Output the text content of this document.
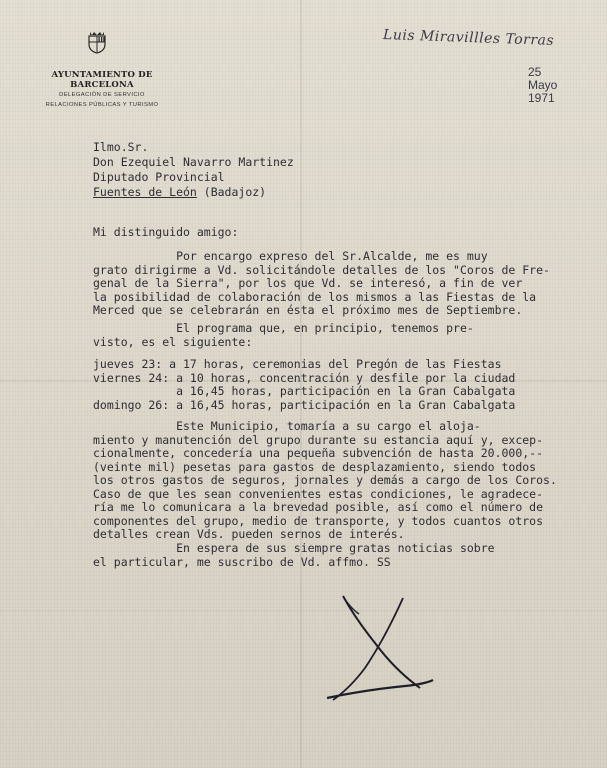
AYUNTAMIENTO DE BARCELONA
DELEGACIÓN DE SERVICIO
RELACIONES PÚBLICAS Y TURISMO
Luis Miravillles Torras
25
Mayo
1971
Ilmo.Sr.
Don Ezequiel Navarro Martinez
Diputado Provincial
Fuentes de León (Badajoz)
Mi distinguido amigo:
Por encargo expreso del Sr.Alcalde, me es muy
grato dirigirme a Vd. solicitándole detalles de los "Coros de Fre-
genal de la Sierra", por los que Vd. se interesó, a fin de ver
la posibilidad de colaboración de los mismos a las Fiestas de la
Merced que se celebrarán en ésta el próximo mes de Septiembre.
El programa que, en principio, tenemos pre-
visto, es el siguiente:
jueves 23: a 17 horas, ceremonias del Pregón de las Fiestas
viernes 24: a 10 horas, concentración y desfile por la ciudad
a 16,45 horas, participación en la Gran Cabalgata
domingo 26: a 16,45 horas, participación en la Gran Cabalgata
Este Municipio, tomaría a su cargo el aloja-
miento y manutención del grupo durante su estancia aquí y, excep-
cionalmente, concedería una pequeña subvención de hasta 20.000,--
(veinte mil) pesetas para gastos de desplazamiento, siendo todos
los otros gastos de seguros, jornales y demás a cargo de los Coros.
Caso de que les sean convenientes estas condiciones, le agradece-
ría me lo comunicara a la brevedad posible, así como el número de
componentes del grupo, medio de transporte, y todos cuantos otros
detalles crean Vds. pueden sernos de interés.
En espera de sus siempre gratas noticias sobre
el particular, me suscribo de Vd. affmo. SS
